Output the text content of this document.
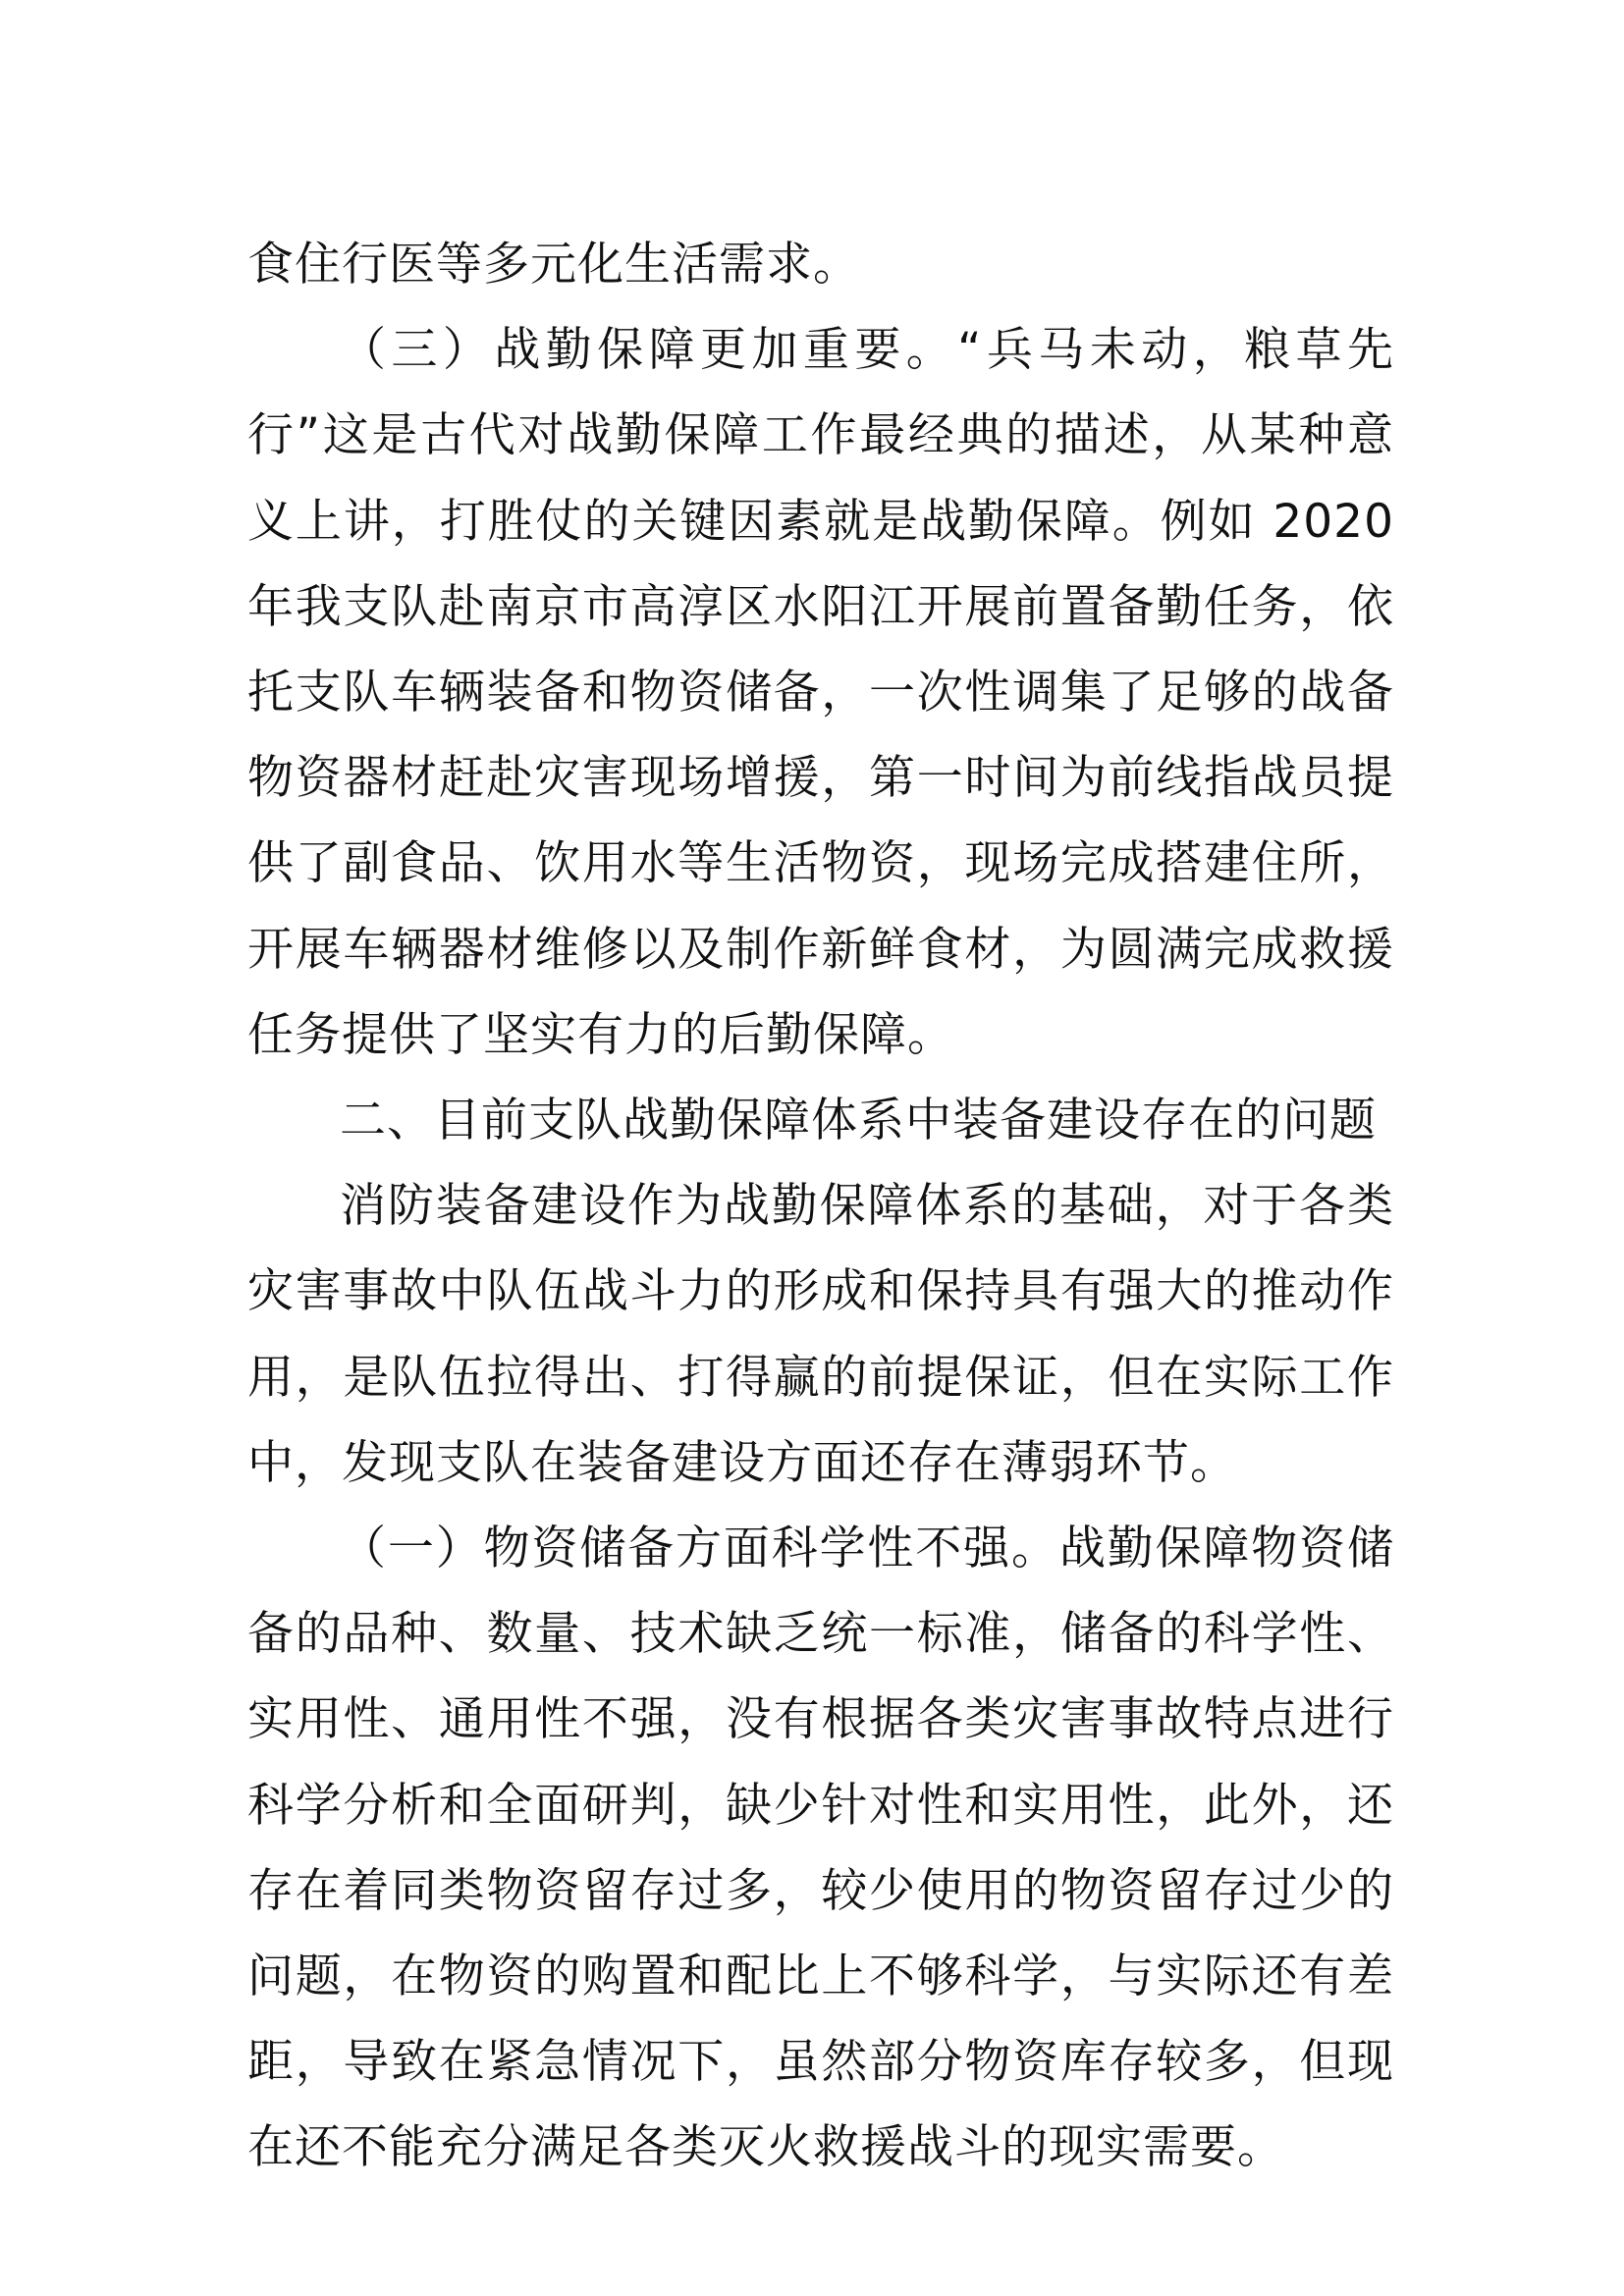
食住行医等多元化生活需求。

（三）战勤保障更加重要。“兵马未动，粮草先行”这是古代对战勤保障工作最经典的描述，从某种意义上讲，打胜仗的关键因素就是战勤保障。例如 2020 年我支队赴南京市高淳区水阳江开展前置备勤任务，依托支队车辆装备和物资储备，一次性调集了足够的战备物资器材赶赴灾害现场增援，第一时间为前线指战员提供了副食品、饮用水等生活物资，现场完成搭建住所，开展车辆器材维修以及制作新鲜食材，为圆满完成救援任务提供了坚实有力的后勤保障。

二、目前支队战勤保障体系中装备建设存在的问题

消防装备建设作为战勤保障体系的基础，对于各类灾害事故中队伍战斗力的形成和保持具有强大的推动作用，是队伍拉得出、打得赢的前提保证，但在实际工作中，发现支队在装备建设方面还存在薄弱环节。

（一）物资储备方面科学性不强。战勤保障物资储备的品种、数量、技术缺乏统一标准，储备的科学性、实用性、通用性不强，没有根据各类灾害事故特点进行科学分析和全面研判，缺少针对性和实用性，此外，还存在着同类物资留存过多，较少使用的物资留存过少的问题，在物资的购置和配比上不够科学，与实际还有差距，导致在紧急情况下，虽然部分物资库存较多，但现在还不能充分满足各类灭火救援战斗的现实需要。
